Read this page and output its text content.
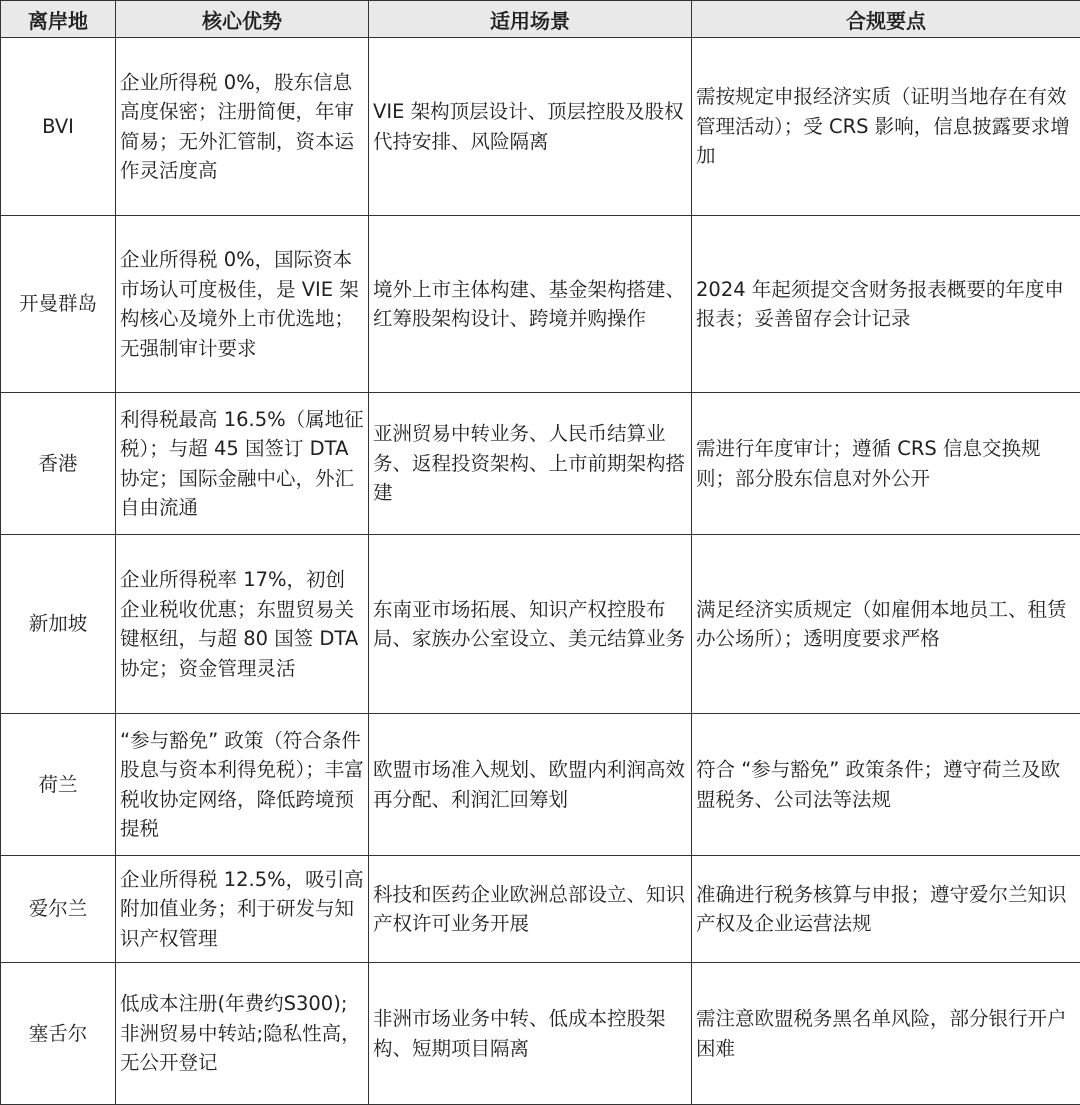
离岸地	核心优势	适用场景	合规要点
BVI	企业所得税 0%，股东信息高度保密；注册简便，年审简易；无外汇管制，资本运作灵活度高	VIE 架构顶层设计、顶层控股及股权代持安排、风险隔离	需按规定申报经济实质（证明当地存在有效管理活动）；受 CRS 影响，信息披露要求增加
开曼群岛	企业所得税 0%，国际资本市场认可度极佳，是 VIE 架构核心及境外上市优选地；无强制审计要求	境外上市主体构建、基金架构搭建、红筹股架构设计、跨境并购操作	2024 年起须提交含财务报表概要的年度申报表；妥善留存会计记录
香港	利得税最高 16.5%（属地征税）；与超 45 国签订 DTA 协定；国际金融中心，外汇自由流通	亚洲贸易中转业务、人民币结算业务、返程投资架构、上市前期架构搭建	需进行年度审计；遵循 CRS 信息交换规则；部分股东信息对外公开
新加坡	企业所得税率 17%，初创企业税收优惠；东盟贸易关键枢纽，与超 80 国签 DTA 协定；资金管理灵活	东南亚市场拓展、知识产权控股布局、家族办公室设立、美元结算业务	满足经济实质规定（如雇佣本地员工、租赁办公场所）；透明度要求严格
荷兰	“参与豁免” 政策（符合条件股息与资本利得免税）；丰富税收协定网络，降低跨境预提税	欧盟市场准入规划、欧盟内利润高效再分配、利润汇回筹划	符合 “参与豁免” 政策条件；遵守荷兰及欧盟税务、公司法等法规
爱尔兰	企业所得税 12.5%，吸引高附加值业务；利于研发与知识产权管理	科技和医药企业欧洲总部设立、知识产权许可业务开展	准确进行税务核算与申报；遵守爱尔兰知识产权及企业运营法规
塞舌尔	低成本注册(年费约S300);非洲贸易中转站;隐私性高，无公开登记	非洲市场业务中转、低成本控股架构、短期项目隔离	需注意欧盟税务黑名单风险，部分银行开户困难
